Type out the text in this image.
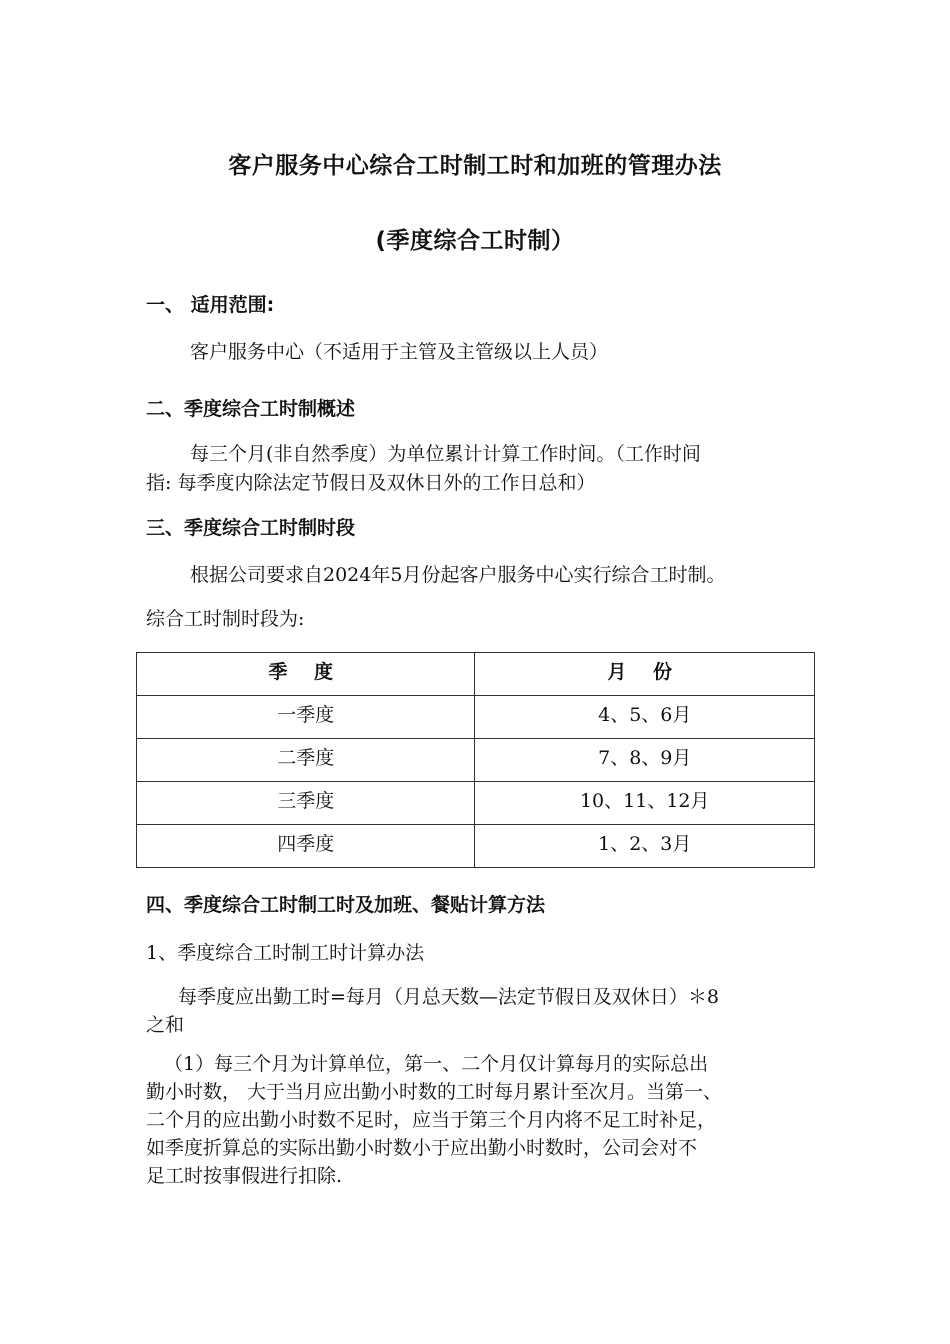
客户服务中心综合工时制工时和加班的管理办法
(季度综合工时制）
一、 适用范围:
客户服务中心（不适用于主管及主管级以上人员）
二、季度综合工时制概述
每三个月(非自然季度）为单位累计计算工作时间。（工作时间
指: 每季度内除法定节假日及双休日外的工作日总和）
三、季度综合工时制时段
根据公司要求自2024年5月份起客户服务中心实行综合工时制。
综合工时制时段为:
季 度	月 份
一季度	4、5、6月
二季度	7、8、9月
三季度	10、11、12月
四季度	1、2、3月
四、季度综合工时制工时及加班、餐贴计算方法
1、季度综合工时制工时计算办法
每季度应出勤工时=每月（月总天数—法定节假日及双休日）＊8
之和
（1）每三个月为计算单位，第一、二个月仅计算每月的实际总出
勤小时数， 大于当月应出勤小时数的工时每月累计至次月。当第一、
二个月的应出勤小时数不足时，应当于第三个月内将不足工时补足，
如季度折算总的实际出勤小时数小于应出勤小时数时，公司会对不
足工时按事假进行扣除.
